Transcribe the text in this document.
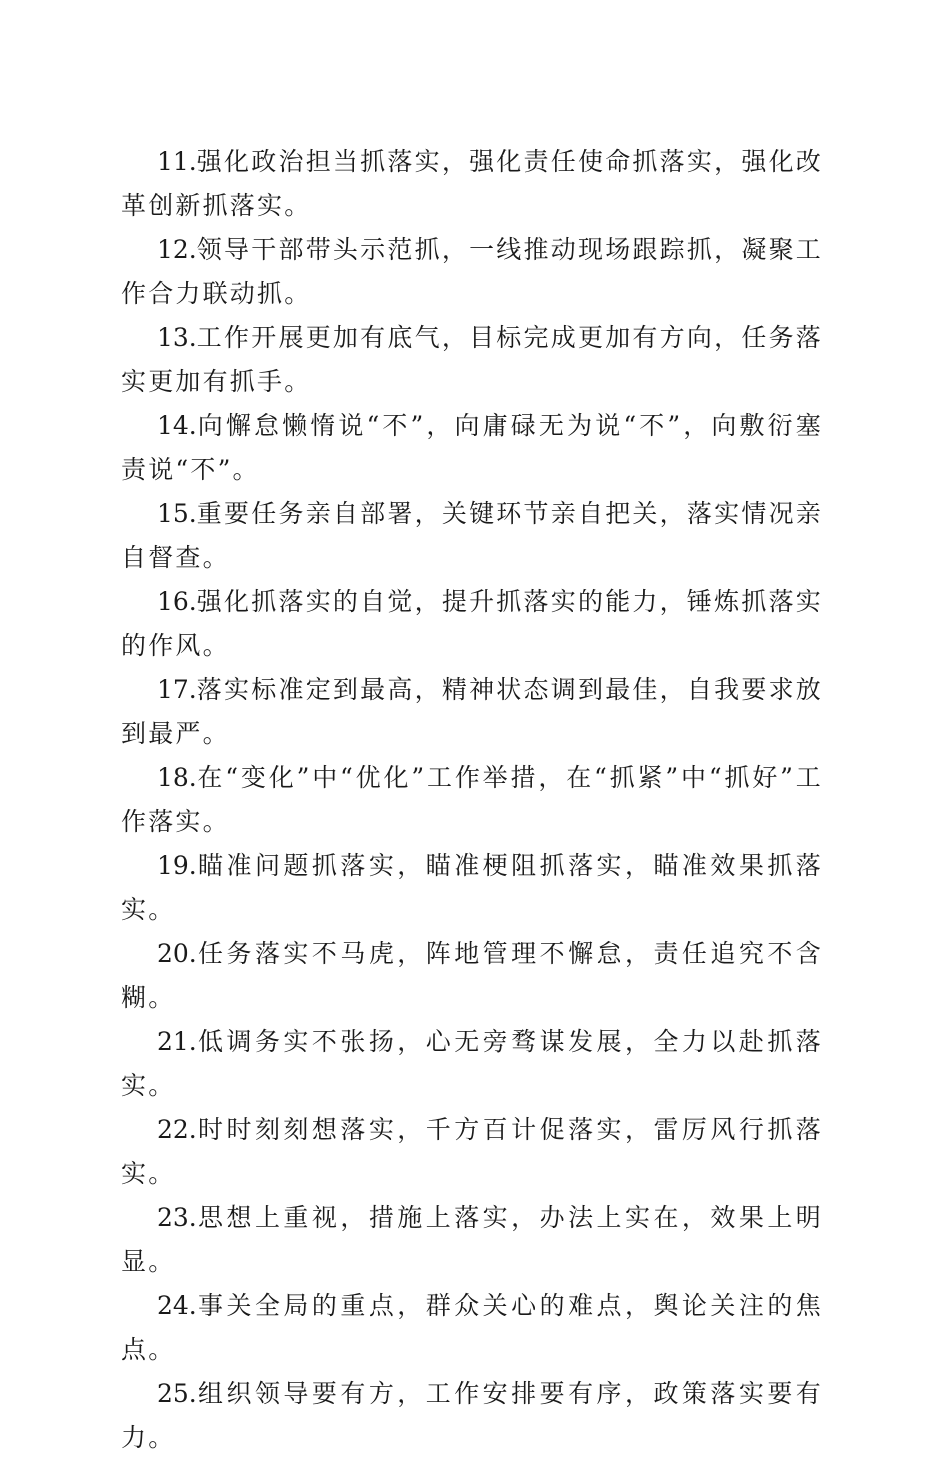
11.强化政治担当抓落实，强化责任使命抓落实，强化改革创新抓落实。

12.领导干部带头示范抓，一线推动现场跟踪抓，凝聚工作合力联动抓。

13.工作开展更加有底气，目标完成更加有方向，任务落实更加有抓手。

14.向懈怠懒惰说“不”，向庸碌无为说“不”，向敷衍塞责说“不”。

15.重要任务亲自部署，关键环节亲自把关，落实情况亲自督查。

16.强化抓落实的自觉，提升抓落实的能力，锤炼抓落实的作风。

17.落实标准定到最高，精神状态调到最佳，自我要求放到最严。

18.在“变化”中“优化”工作举措，在“抓紧”中“抓好”工作落实。

19.瞄准问题抓落实，瞄准梗阻抓落实，瞄准效果抓落实。

20.任务落实不马虎，阵地管理不懈怠，责任追究不含糊。

21.低调务实不张扬，心无旁骛谋发展，全力以赴抓落实。

22.时时刻刻想落实，千方百计促落实，雷厉风行抓落实。

23.思想上重视，措施上落实，办法上实在，效果上明显。

24.事关全局的重点，群众关心的难点，舆论关注的焦点。

25.组织领导要有方，工作安排要有序，政策落实要有力。
